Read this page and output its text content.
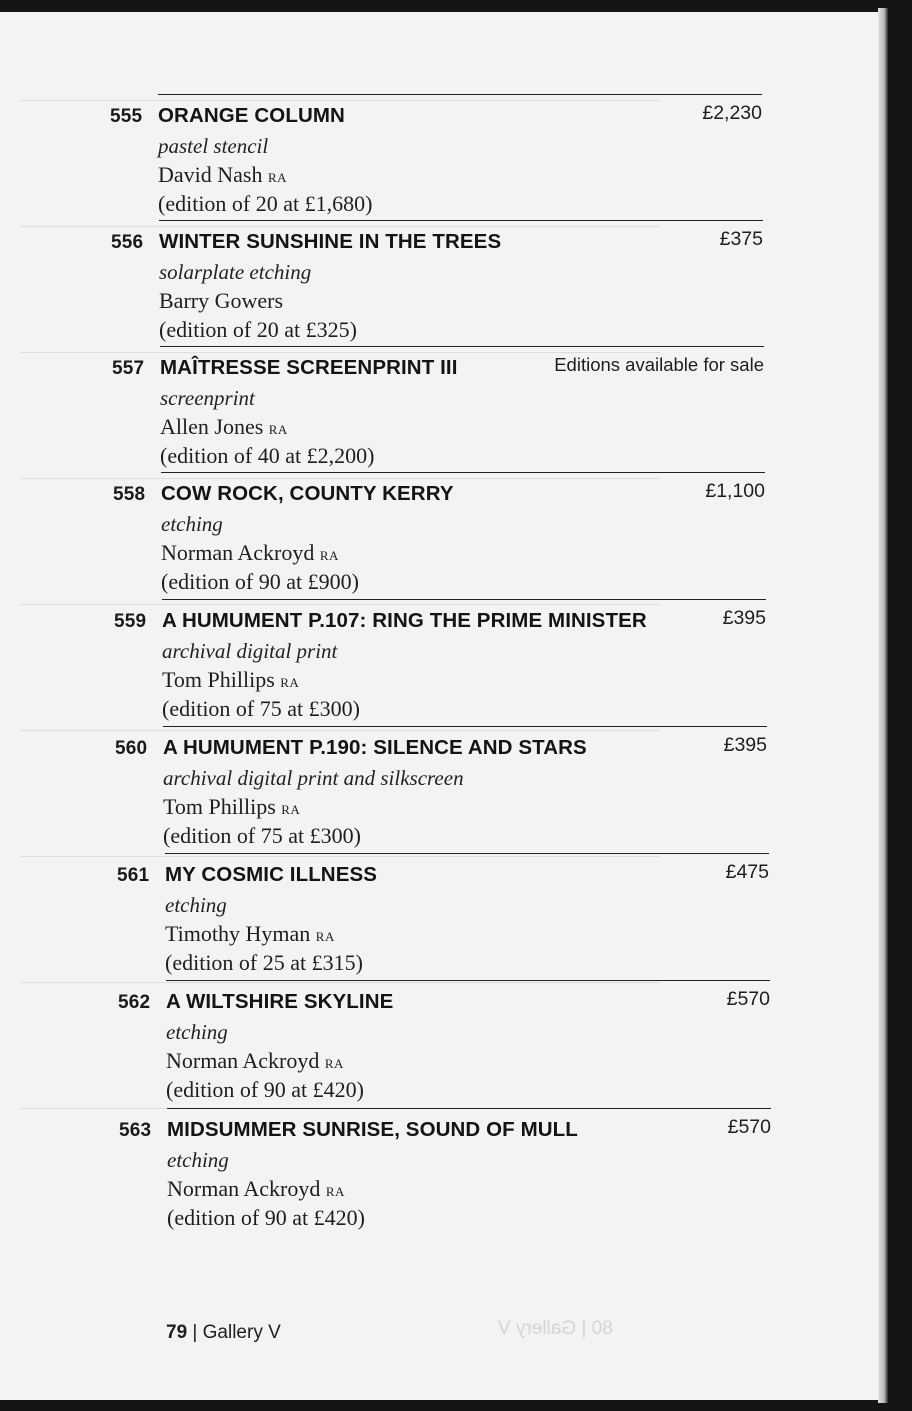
555 ORANGE COLUMN
pastel stencil
David Nash ra
(edition of 20 at £1,680)
£2,230
556 WINTER SUNSHINE IN THE TREES
solarplate etching
Barry Gowers
(edition of 20 at £325)
£375
557 MAÎTRESSE SCREENPRINT III
screenprint
Allen Jones ra
(edition of 40 at £2,200)
Editions available for sale
558 COW ROCK, COUNTY KERRY
etching
Norman Ackroyd ra
(edition of 90 at £900)
£1,100
559 A HUMUMENT P.107: RING THE PRIME MINISTER
archival digital print
Tom Phillips ra
(edition of 75 at £300)
£395
560 A HUMUMENT P.190: SILENCE AND STARS
archival digital print and silkscreen
Tom Phillips ra
(edition of 75 at £300)
£395
561 MY COSMIC ILLNESS
etching
Timothy Hyman ra
(edition of 25 at £315)
£475
562 A WILTSHIRE SKYLINE
etching
Norman Ackroyd ra
(edition of 90 at £420)
£570
563 MIDSUMMER SUNRISE, SOUND OF MULL
etching
Norman Ackroyd ra
(edition of 90 at £420)
£570
79 | Gallery V	80 | Gallery V
